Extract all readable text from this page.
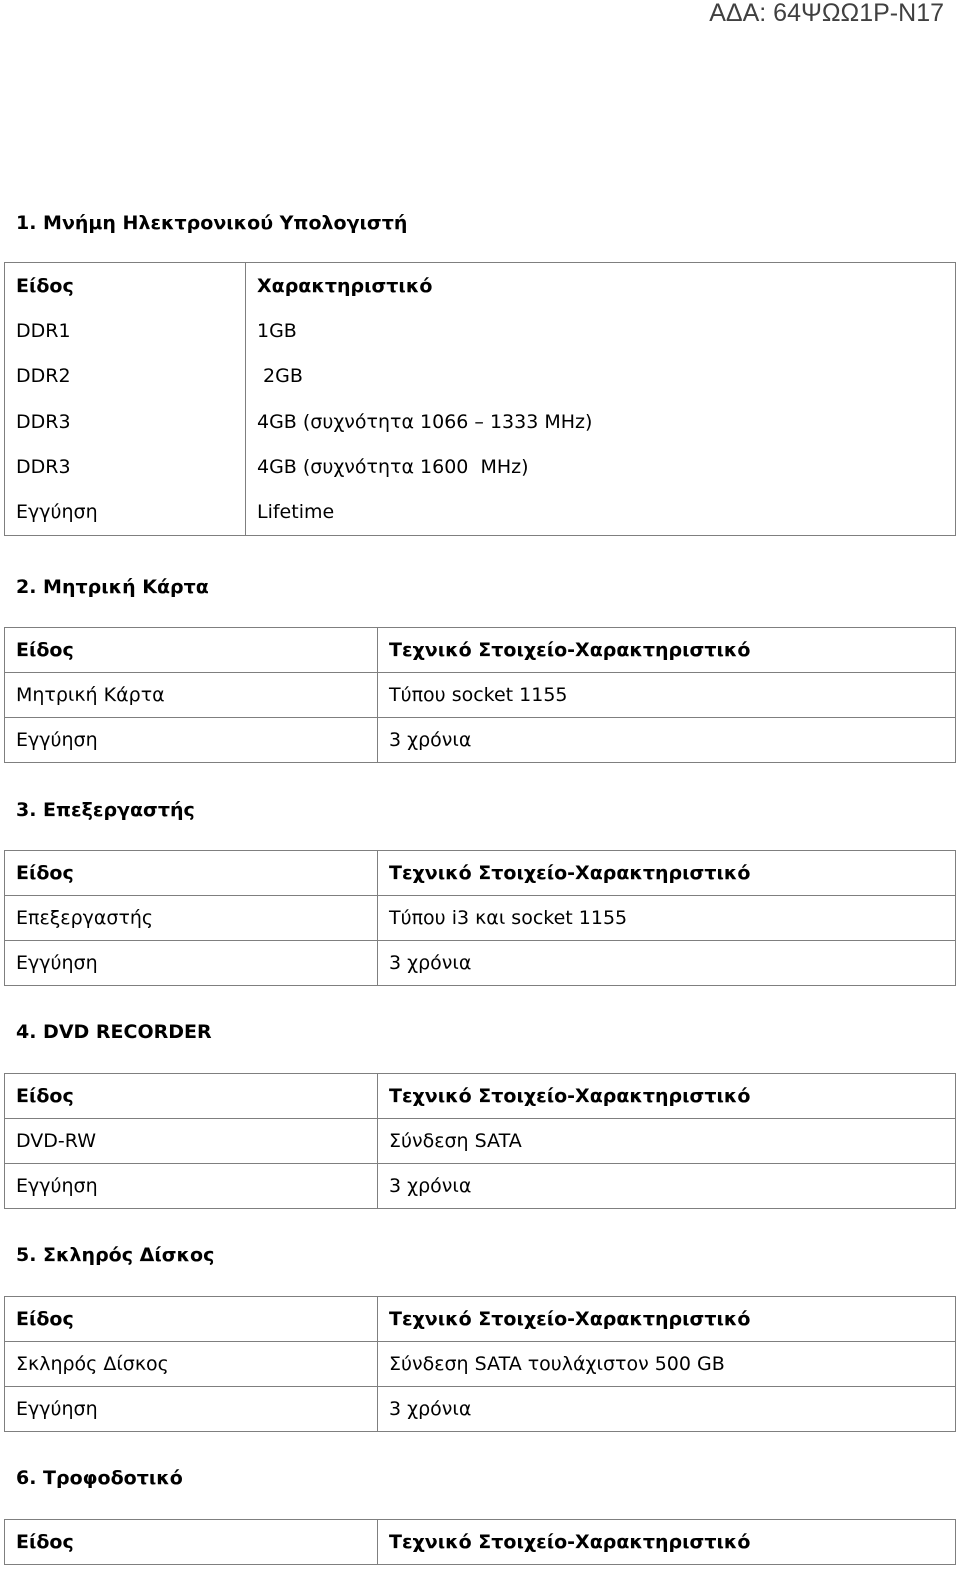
ΑΔΑ: 64ΨΩΩ1Ρ-Ν17
1. Μνήμη Ηλεκτρονικού Υπολογιστή
Είδος	Χαρακτηριστικό
DDR1	1GB
DDR2	2GB
DDR3	4GB (συχνότητα 1066 – 1333 MHz)
DDR3	4GB (συχνότητα 1600  MHz)
Εγγύηση	Lifetime
2. Μητρική Κάρτα
Είδος	Τεχνικό Στοιχείο-Χαρακτηριστικό
Μητρική Κάρτα	Τύπου socket 1155
Εγγύηση	3 χρόνια
3. Επεξεργαστής
Είδος	Τεχνικό Στοιχείο-Χαρακτηριστικό
Επεξεργαστής	Τύπου i3 και socket 1155
Εγγύηση	3 χρόνια
4. DVD RECORDER
Είδος	Τεχνικό Στοιχείο-Χαρακτηριστικό
DVD-RW	Σύνδεση SATA
Εγγύηση	3 χρόνια
5. Σκληρός Δίσκος
Είδος	Τεχνικό Στοιχείο-Χαρακτηριστικό
Σκληρός Δίσκος	Σύνδεση SATA τουλάχιστον 500 GB
Εγγύηση	3 χρόνια
6. Τροφοδοτικό
Είδος	Τεχνικό Στοιχείο-Χαρακτηριστικό
